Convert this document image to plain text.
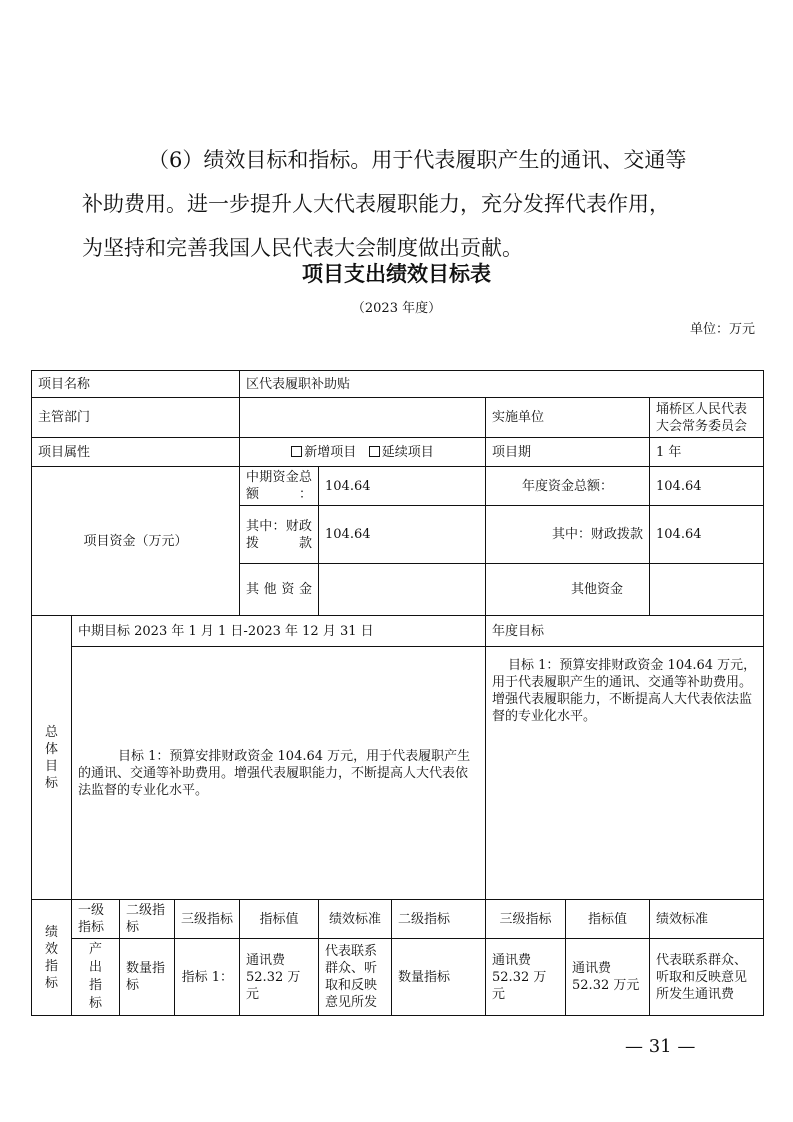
（6）绩效目标和指标。用于代表履职产生的通讯、交通等
补助费用。进一步提升人大代表履职能力，充分发挥代表作用，
为坚持和完善我国人民代表大会制度做出贡献。
项目支出绩效目标表
（2023 年度）
单位：万元
项目名称				区代表履职补助贴					
主管部门							实施单位		埇桥区人民代表大会常务委员会
项目属性				新增项目 延续项目			项目期		1 年
项目资金（万元）				中期资金总额：	104.64		年度资金总额：		104.64
				其中：财政拨款	104.64		其中：财政拨款		104.64
				其他资金			其他资金		
总体目标	中期目标 2023 年 1 月 1 日-2023 年 12 月 31 日						年度目标		
	目标 1：预算安排财政资金 104.64 万元，用于代表履职产生的通讯、交通等补助费用。增强代表履职能力，不断提高人大代表依法监督的专业化水平。						目标 1：预算安排财政资金 104.64 万元，用于代表履职产生的通讯、交通等补助费用。增强代表履职能力，不断提高人大代表依法监督的专业化水平。		
绩效指标	一级指标	二级指标	三级指标	指标值	绩效标准	二级指标	三级指标	指标值	绩效标准
	产出指标	数量指标	指标 1：	通讯费 52.32 万元	代表联系群众、听取和反映意见所发	数量指标	通讯费 52.32 万元	通讯费 52.32 万元	代表联系群众、听取和反映意见所发生通讯费
— 31 —
